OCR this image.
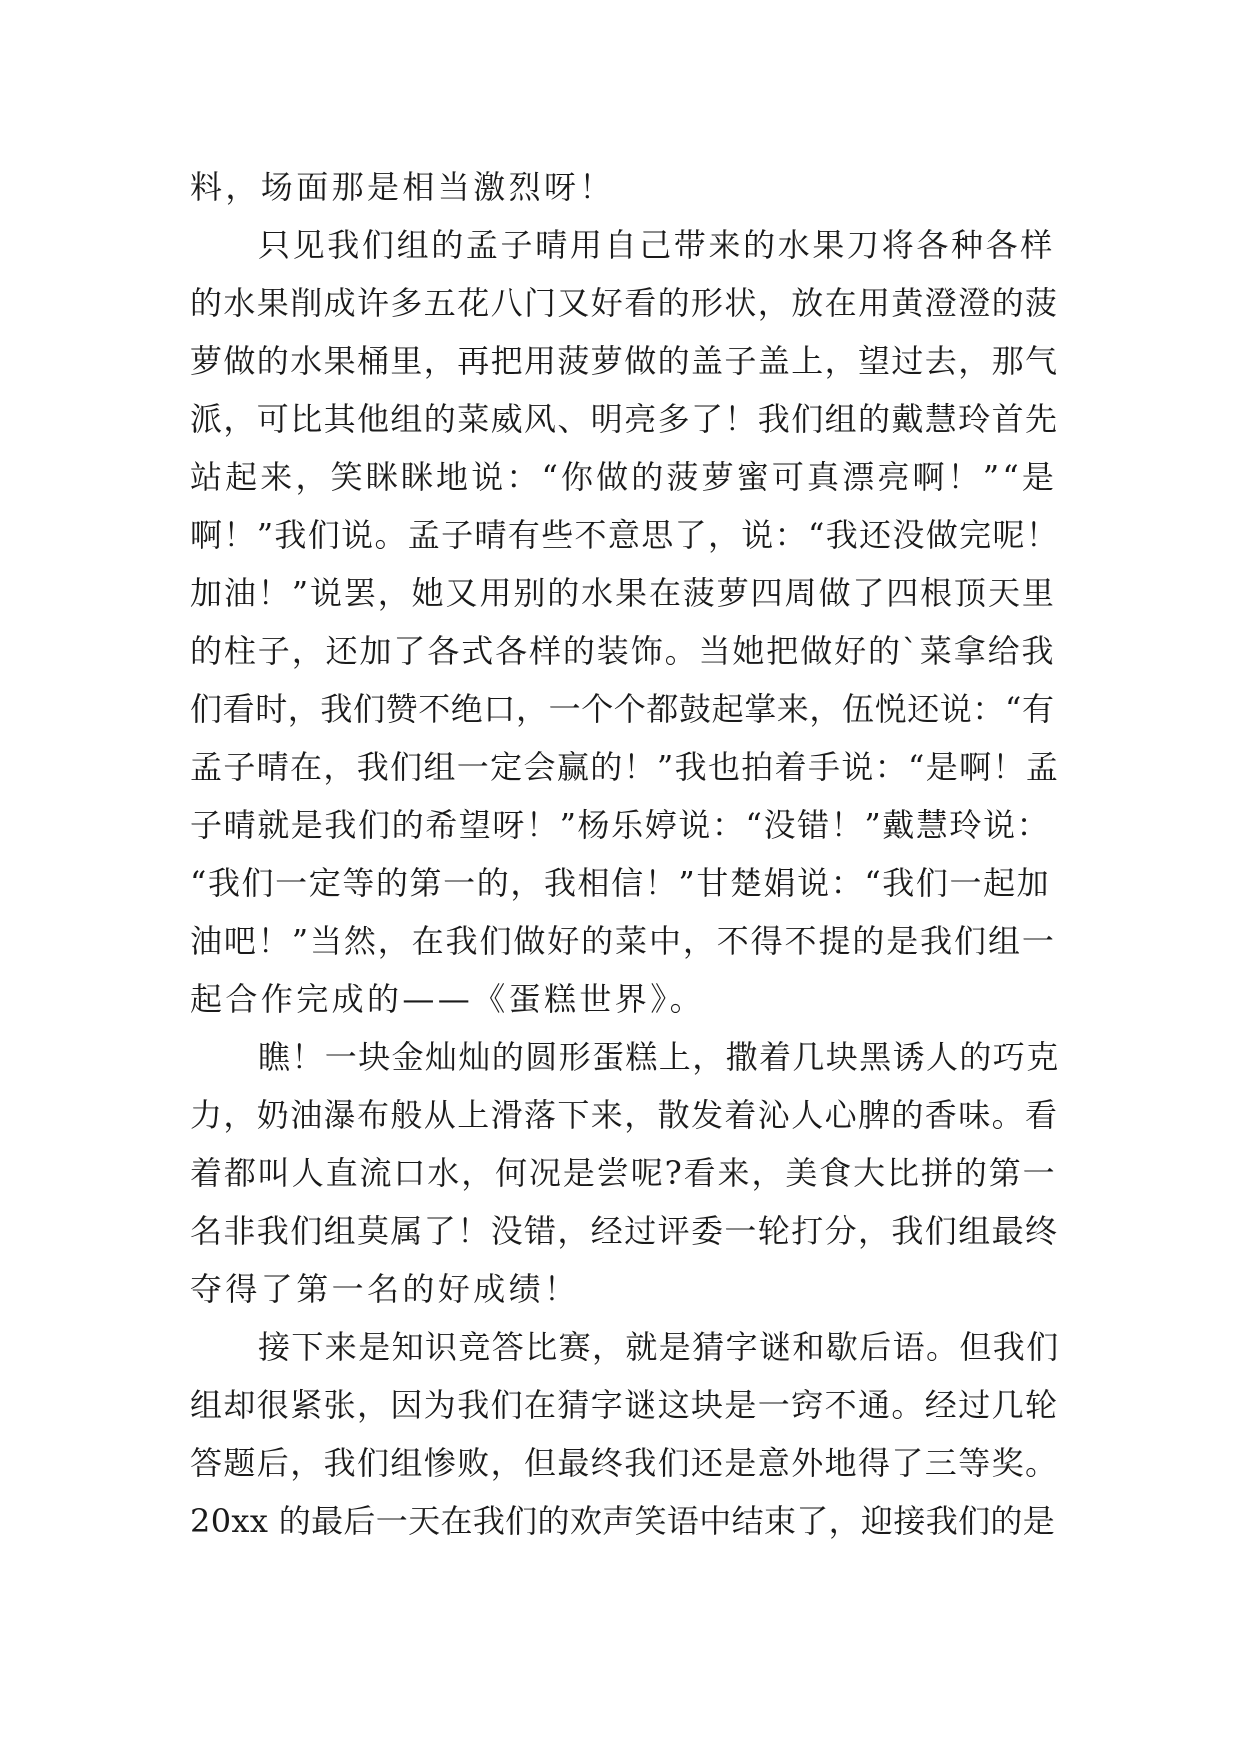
料，场面那是相当激烈呀！
只见我们组的孟子晴用自己带来的水果刀将各种各样
的水果削成许多五花八门又好看的形状，放在用黄澄澄的菠
萝做的水果桶里，再把用菠萝做的盖子盖上，望过去，那气
派，可比其他组的菜威风、明亮多了！我们组的戴慧玲首先
站起来，笑眯眯地说：“你做的菠萝蜜可真漂亮啊！”“是
啊！”我们说。孟子晴有些不意思了，说：“我还没做完呢！
加油！”说罢，她又用别的水果在菠萝四周做了四根顶天里
的柱子，还加了各式各样的装饰。当她把做好的`菜拿给我
们看时，我们赞不绝口，一个个都鼓起掌来，伍悦还说：“有
孟子晴在，我们组一定会赢的！”我也拍着手说：“是啊！孟
子晴就是我们的希望呀！”杨乐婷说：“没错！”戴慧玲说：
“我们一定等的第一的，我相信！”甘楚娟说：“我们一起加
油吧！”当然，在我们做好的菜中，不得不提的是我们组一
起合作完成的——《蛋糕世界》。
瞧！一块金灿灿的圆形蛋糕上，撒着几块黑诱人的巧克
力，奶油瀑布般从上滑落下来，散发着沁人心脾的香味。看
着都叫人直流口水，何况是尝呢?看来，美食大比拼的第一
名非我们组莫属了！没错，经过评委一轮打分，我们组最终
夺得了第一名的好成绩！
接下来是知识竞答比赛，就是猜字谜和歇后语。但我们
组却很紧张，因为我们在猜字谜这块是一窍不通。经过几轮
答题后，我们组惨败，但最终我们还是意外地得了三等奖。
20xx 的最后一天在我们的欢声笑语中结束了，迎接我们的是
